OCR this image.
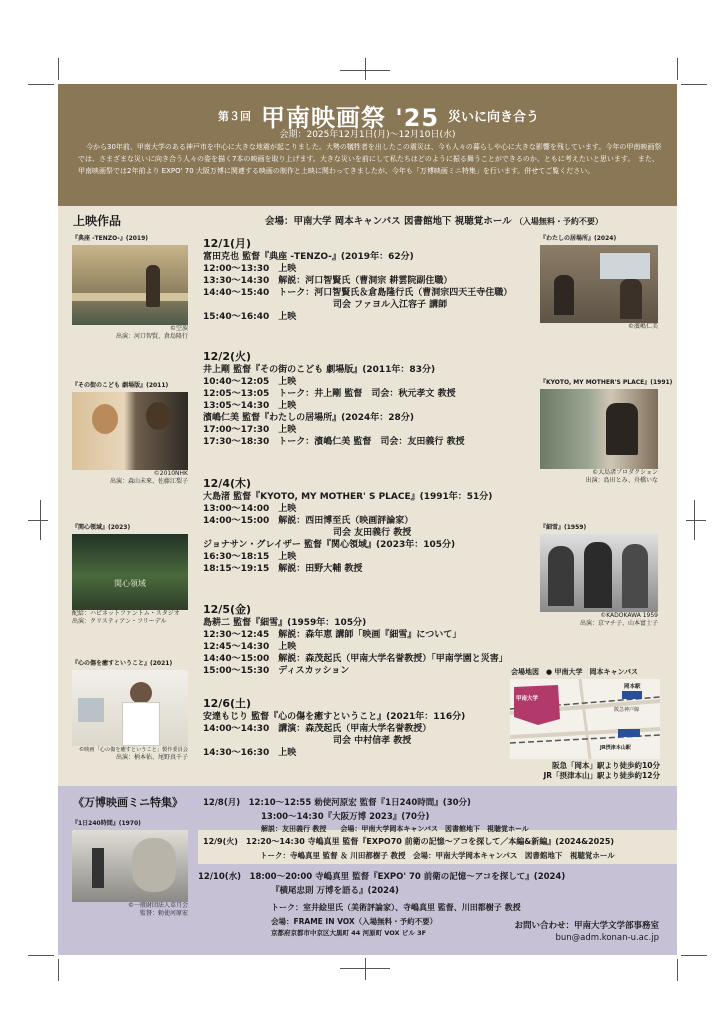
第３回 甲南映画祭 '25 災いに向き合う
会期：2025年12月1日(月)〜12月10日(水)
今から30年前、甲南大学のある神戸市を中心に大きな地震が起こりました。大勢の犠牲者を出したこの震災は、今も人々の暮らしや心に大きな影響を残しています。今年の甲南映画祭では、さまざまな災いに向き合う人々の姿を描く7本の映画を取り上げます。大きな災いを前にして私たちはどのように振る舞うことができるのか、ともに考えたいと思います。　また、甲南映画祭では2年前より EXPO' 70 大阪万博に関連する映画の制作と上映に関わってきましたが、今年も「万博映画ミニ特集」を行います。併せてご覧ください。
上映作品	会場：甲南大学 岡本キャンパス 図書館地下 視聴覚ホール （入場無料・予約不要）
『典座 -TENZO-』(2019)
©空族
出演：河口智賢、倉島隆行
『その街のこども 劇場版』(2011)
©2010NHK
出演：森山未來、佐藤江梨子
『関心領域』(2023)
関心領域
配給：ハピネットファントム・スタジオ
出演：クリスティアン・フリーデル
『心の傷を癒すということ』(2021)
©映画「心の傷を癒すということ」製作委員会
出演：柄本佑、尾野真千子
『わたしの居場所』(2024)
©濱嶋仁美
『KYOTO, MY MOTHER'S PLACE』(1991)
©大島渚プロダクション
出演：島田とみ、舟橋いな
『細雪』(1959)
©KADOKAWA 1959
出演：京マチ子、山本富士子
12/1(月)
富田克也 監督『典座 -TENZO-』(2019年：62分)
12:00〜13:30　上映
13:30〜14:30　解説：河口智賢氏（曹洞宗 耕雲院副住職）
14:40〜15:40　トーク：河口智賢氏＆倉島隆行氏（曹洞宗四天王寺住職）
司会 ファヨル入江容子 講師
15:40〜16:40　上映
12/2(火)
井上剛 監督『その街のこども 劇場版』(2011年：83分)
10:40〜12:05　上映
12:05〜13:05　トーク：井上剛 監督　司会：秋元孝文 教授
13:05〜14:30　上映
濱嶋仁美 監督『わたしの居場所』(2024年：28分)
17:00〜17:30　上映
17:30〜18:30　トーク：濱嶋仁美 監督　司会：友田義行 教授
12/4(木)
大島渚 監督『KYOTO, MY MOTHER' S PLACE』(1991年：51分)
13:00〜14:00　上映
14:00〜15:00　解説：西田博至氏（映画評論家）
司会 友田義行 教授
ジョナサン・グレイザー 監督『関心領域』(2023年：105分)
16:30〜18:15　上映
18:15〜19:15　解説：田野大輔 教授
12/5(金)
島耕二 監督『細雪』(1959年：105分)
12:30〜12:45　解説：森年恵 講師「映画『細雪』について」
12:45〜14:30　上映
14:40〜15:00　解説：森茂起氏（甲南大学名誉教授）「甲南学園と災害」
15:00〜15:30　ディスカッション
12/6(土)
安達もじり 監督『心の傷を癒すということ』(2021年：116分)
14:00〜14:30　講演：森茂起氏（甲南大学名誉教授）
司会 中村信孝 教授
14:30〜16:30　上映
会場地図　● 甲南大学　岡本キャンパス
甲南大学
岡本駅
阪急神戸線
JR摂津本山駅
阪急「岡本」駅より徒歩約10分
JR「摂津本山」駅より徒歩約12分
《万博映画ミニ特集》
『1日240時間』(1970)
©一般財団法人草月会
監督：勅使河原宏
12/8(月)　12:10〜12:55 勅使河原宏 監督『1日240時間』(30分)
13:00〜14:30『大阪万博 2023』(70分)
解説：友田義行 教授　　会場：甲南大学岡本キャンパス　図書館地下　視聴覚ホール
12/9(火)　12:20〜14:30 寺嶋真里 監督『EXPO70 前衛の記憶〜アコを探して／本編&新編』(2024&2025)
トーク：寺嶋真里 監督 ＆ 川田都樹子 教授　会場：甲南大学岡本キャンパス　図書館地下　視聴覚ホール
12/10(水)　18:00〜20:00 寺嶋真里 監督『EXPO' 70 前衛の記憶〜アコを探して』(2024)
『横尾忠則 万博を語る』(2024)
トーク：室井絵里氏（美術評論家）、寺嶋真里 監督、川田都樹子 教授
会場：FRAME IN VOX（入場無料・予約不要）
京都府京都市中京区大黒町 44 河原町 VOX ビル 3F
お問い合わせ：甲南大学文学部事務室
bun@adm.konan-u.ac.jp
